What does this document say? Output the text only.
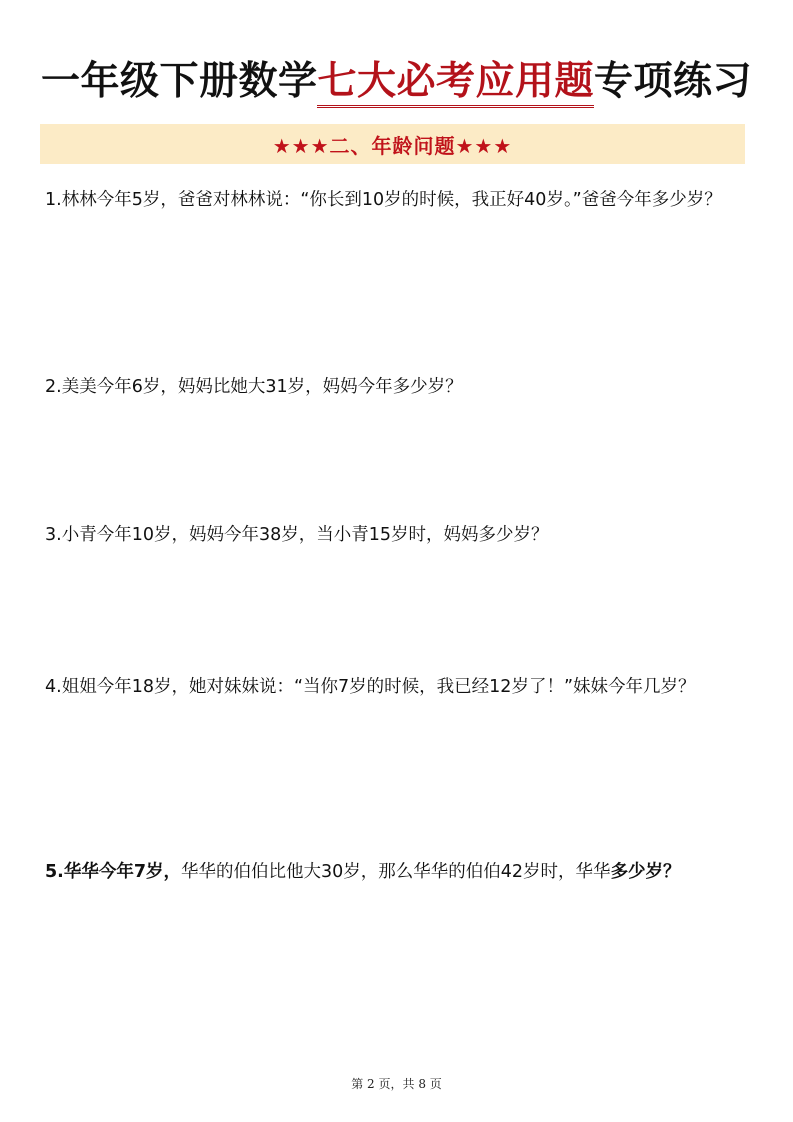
一年级下册数学七大必考应用题专项练习
★★★二、年龄问题★★★
1.林林今年5岁，爸爸对林林说：“你长到10岁的时候，我正好40岁。”爸爸今年多少岁？
2.美美今年6岁，妈妈比她大31岁，妈妈今年多少岁？
3.小青今年10岁，妈妈今年38岁，当小青15岁时，妈妈多少岁？
4.姐姐今年18岁，她对妹妹说：“当你7岁的时候，我已经12岁了！”妹妹今年几岁？
5.华华今年7岁，华华的伯伯比他大30岁，那么华华的伯伯42岁时，华华多少岁？
第 2 页，共 8 页
